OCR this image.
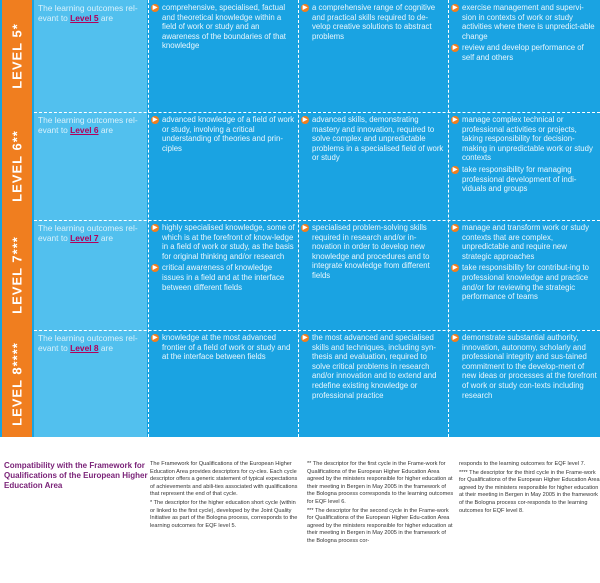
LEVEL 5*
The learning outcomes rel-evant to Level 5 are
▶ comprehensive, specialised, factual and theoretical knowledge within a field of work or study and an awareness of the boundaries of that knowledge
▶ a comprehensive range of cognitive and practical skills required to de-velop creative solutions to abstract problems
▶ exercise management and supervi-sion in contexts of work or study activities where there is unpredict-able change
▶ review and develop performance of self and others
LEVEL 6**
The learning outcomes rel-evant to Level 6 are
▶ advanced knowledge of a field of work or study, involving a critical understanding of theories and prin-ciples
▶ advanced skills, demonstrating mastery and innovation, required to solve complex and unpredictable problems in a specialised field of work or study
▶ manage complex technical or professional activities or projects, taking responsibility for decision-making in unpredictable work or study contexts
▶ take responsibility for managing professional development of indi-viduals and groups
LEVEL 7***
The learning outcomes rel-evant to Level 7 are
▶ highly specialised knowledge, some of which is at the forefront of know-ledge in a field of work or study, as the basis for original thinking and/or research
▶ critical awareness of knowledge issues in a field and at the interface between different fields
▶ specialised problem-solving skills required in research and/or in-novation in order to develop new knowledge and procedures and to integrate knowledge from different fields
▶ manage and transform work or study contexts that are complex, unpredictable and require new strategic approaches
▶ take responsibility for contribut-ing to professional knowledge and practice and/or for reviewing the strategic performance of teams
LEVEL 8****
The learning outcomes rel-evant to Level 8 are
▶ knowledge at the most advanced frontier of a field of work or study and at the interface between fields
▶ the most advanced and specialised skills and techniques, including syn-thesis and evaluation, required to solve critical problems in research and/or innovation and to extend and redefine existing knowledge or professional practice
▶ demonstrate substantial authority, innovation, autonomy, scholarly and professional integrity and sus-tained commitment to the develop-ment of new ideas or processes at the forefront of work or study con-texts including research
Compatibility with the Framework for Qualifications of the European Higher Education Area

The Framework for Qualifications of the European Higher Education Area provides descriptors for cy-cles. Each cycle descriptor offers a generic statement of typical expectations of achievements and abili-ties associated with qualifications that represent the end of that cycle.

* The descriptor for the higher education short cycle (within or linked to the first cycle), developed by the Joint Quality Initiative as part of the Bologna process, corresponds to the learning outcomes for EQF level 5.

** The descriptor for the first cycle in the Frame-work for Qualifications of the European Higher Education Area agreed by the ministers responsible for higher education at their meeting in Bergen in May 2005 in the framework of the Bologna process corresponds to the learning outcomes for EQF level 6.

*** The descriptor for the second cycle in the Frame-work for Qualifications of the European Higher Edu-cation Area agreed by the ministers responsible for higher education at their meeting in Bergen in May 2005 in the framework of the Bologna process cor-

responds to the learning outcomes for EQF level 7.

**** The descriptor for the third cycle in the Frame-work for Qualifications of the European Higher Education Area agreed by the ministers responsible for higher education at their meeting in Bergen in May 2005 in the framework of the Bologna process cor-responds to the learning outcomes for EQF level 8.
